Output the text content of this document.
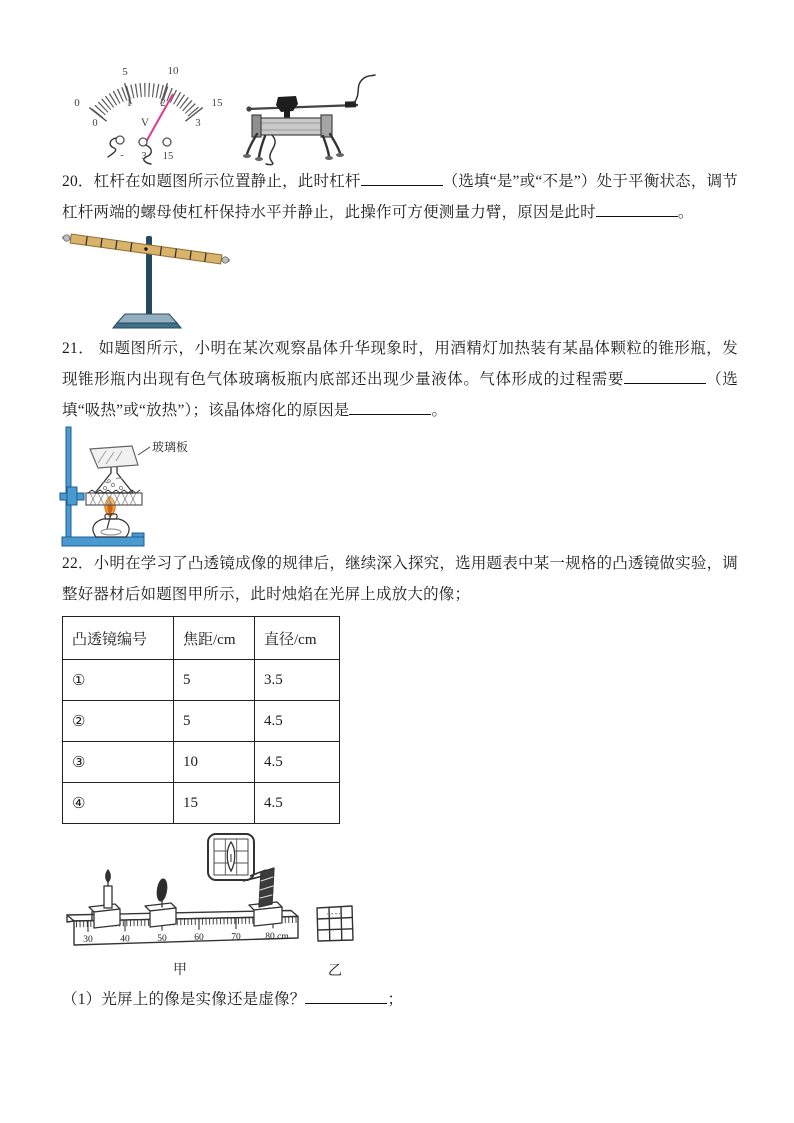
0
5	10
15
0
1	2
3
V
- 3 15

20．杠杆在如题图所示位置静止，此时杠杆	（选填“是”或“不是”）处于平衡状态，调节杠杆两端的螺母使杠杆保持水平并静止，此操作可方便测量力臂，原因是此时	。

21． 如题图所示，小明在某次观察晶体升华现象时，用酒精灯加热装有某晶体颗粒的锥形瓶，发现锥形瓶内出现有色气体玻璃板瓶内底部还出现少量液体。气体形成的过程需要	（选填“吸热”或“放热”）；该晶体熔化的原因是	。

玻璃板

22．小明在学习了凸透镜成像的规律后，继续深入探究，选用题表中某一规格的凸透镜做实验，调整好器材后如题图甲所示，此时烛焰在光屏上成放大的像；

凸透镜编号	焦距/cm	直径/cm
①	5	3.5
②	5	4.5
③	10	4.5
④	15	4.5
30	40	50	60	70	80 cm
甲	乙

（1）光屏上的像是实像还是虚像？	；
